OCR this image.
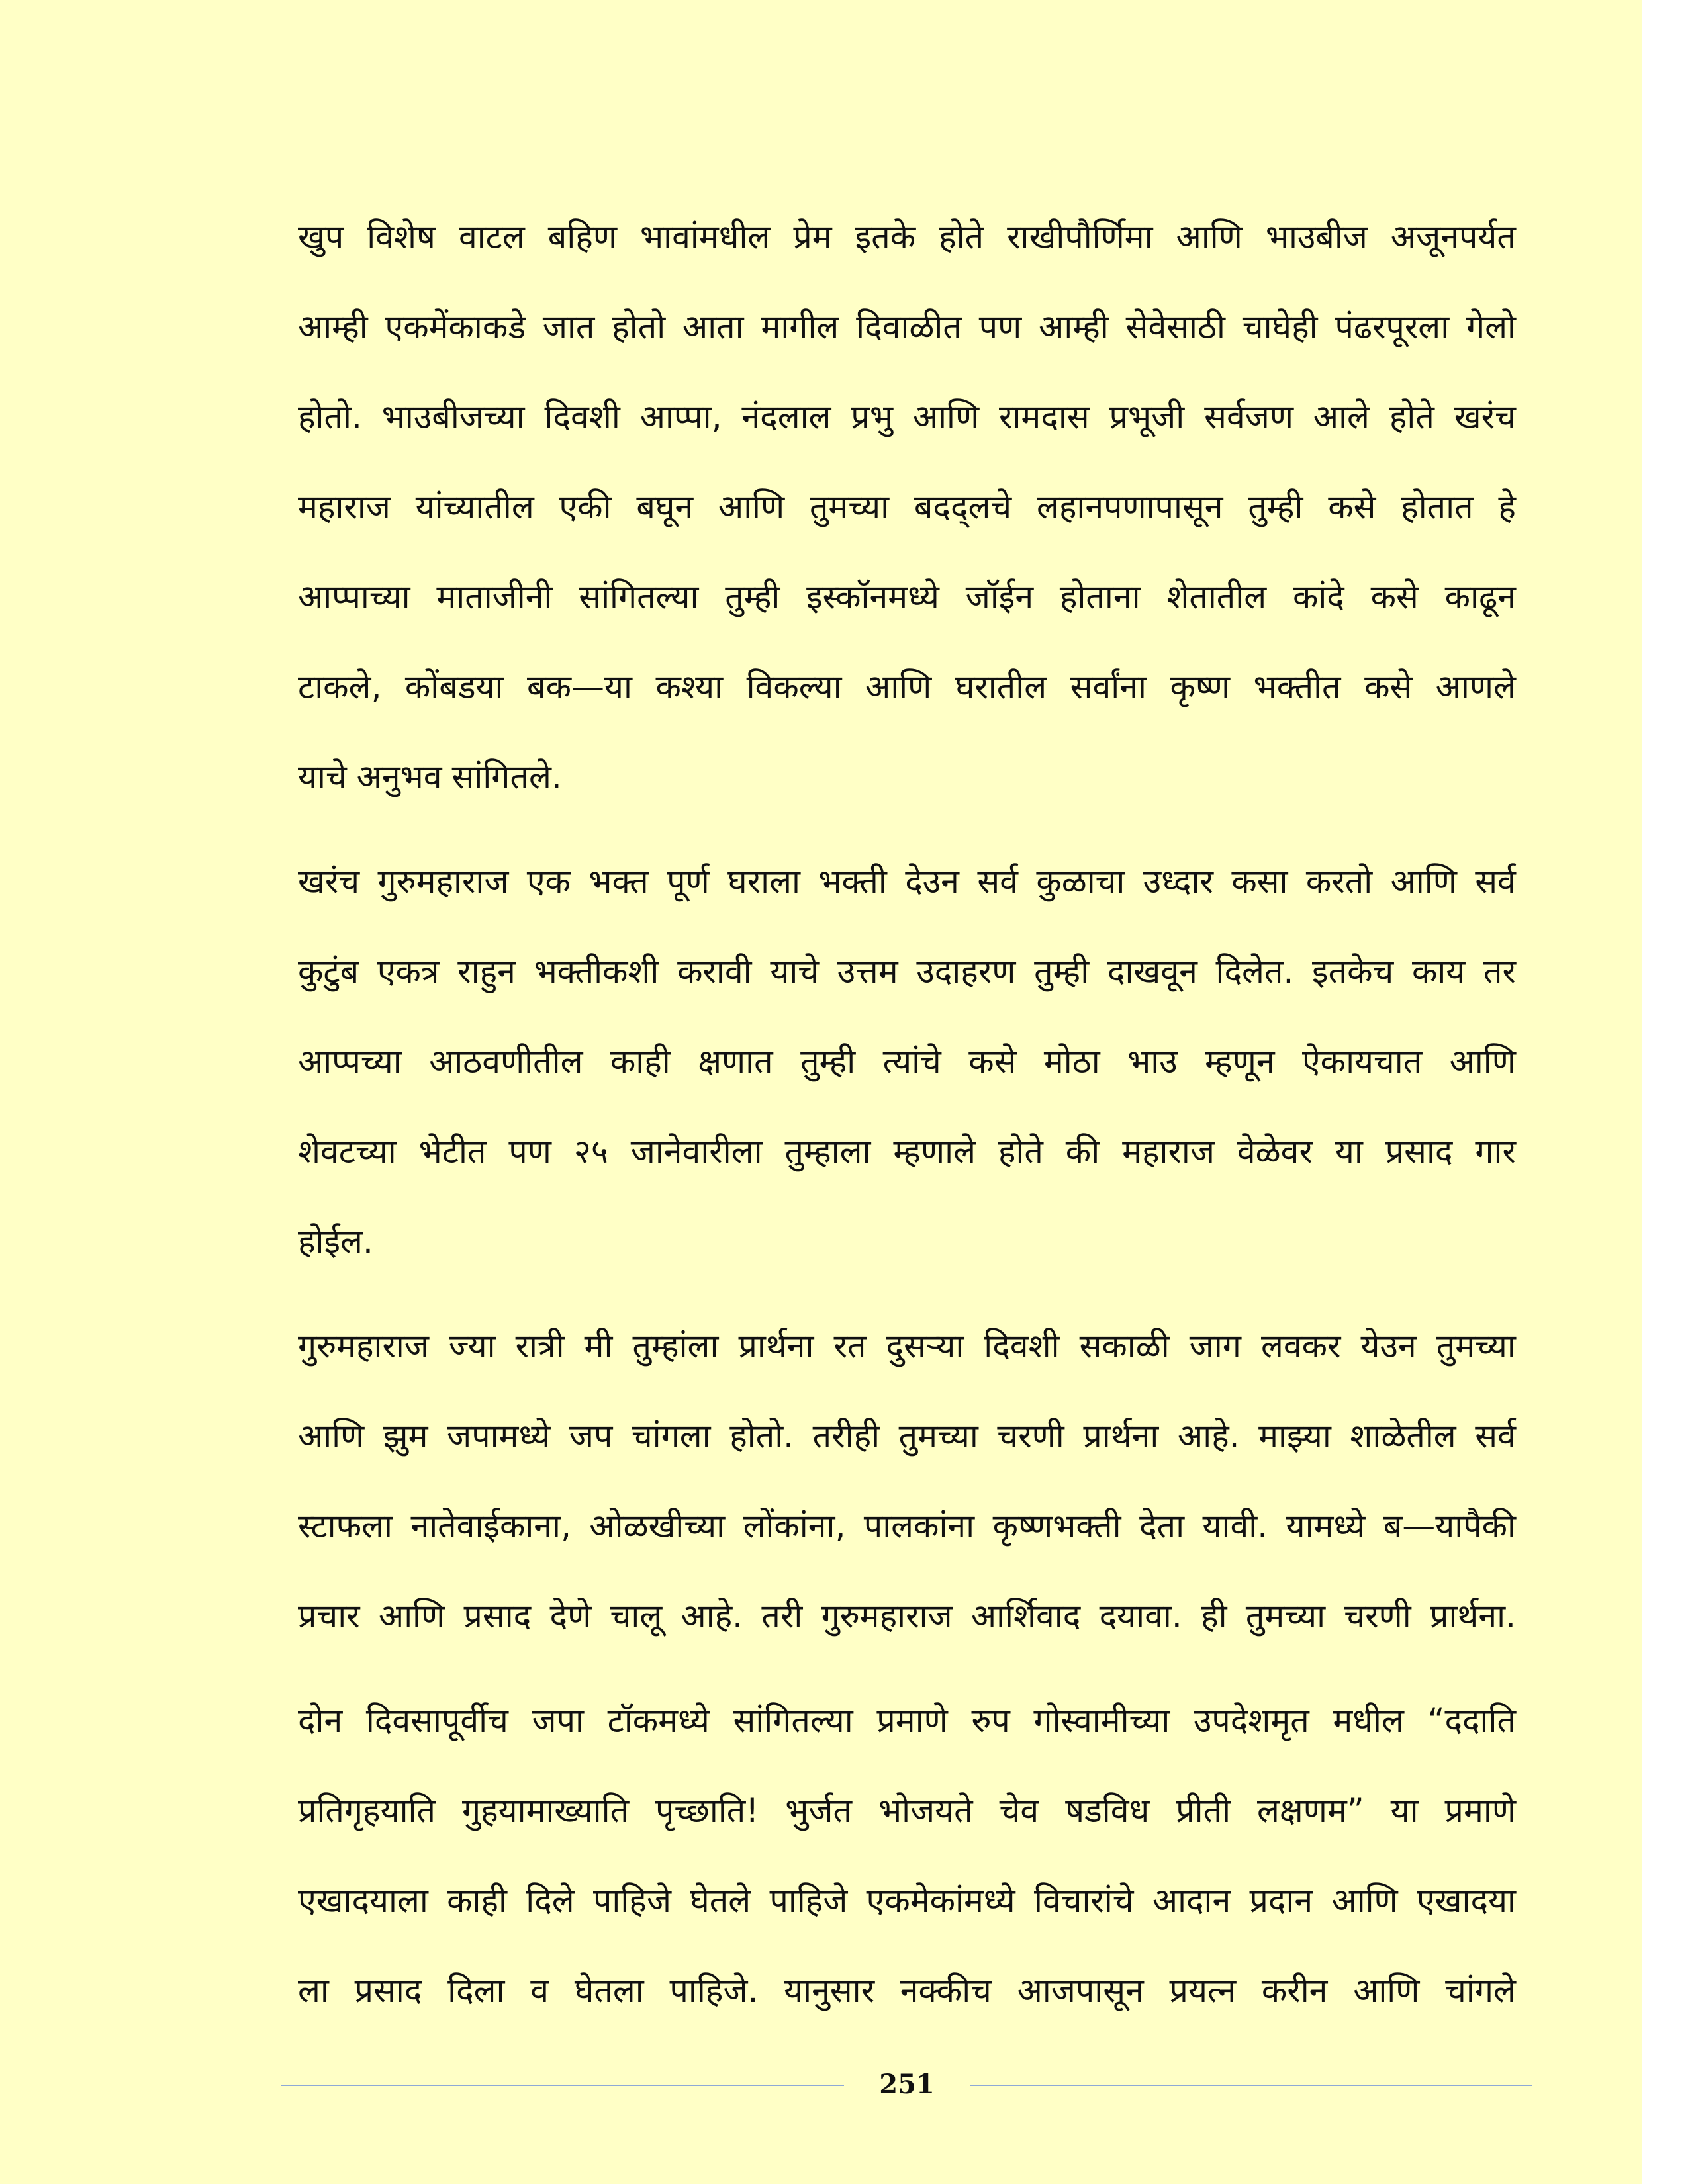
खुप विशेष वाटल बहिण भावांमधील प्रेम इतके होते राखीपौर्णिमा आणि भाउबीज अजूनपर्यत
आम्ही एकमेंकाकडे जात होतो आता मागील दिवाळीत पण आम्ही सेवेसाठी चाघेही पंढरपूरला गेलो
होतो. भाउबीजच्या दिवशी आप्पा, नंदलाल प्रभु आणि रामदास प्रभूजी सर्वजण आले होते खरंच
महाराज यांच्यातील एकी बघून आणि तुमच्या बदद्लचे लहानपणापासून तुम्ही कसे होतात हे
आप्पाच्या माताजीनी सांगितल्या तुम्ही इस्कॉनमध्ये जॉईन होताना शेतातील कांदे कसे काढून
टाकले, कोंबडया बक—या कश्या विकल्या आणि घरातील सर्वांना कृष्ण भक्तीत कसे आणले
याचे अनुभव सांगितले.
खरंच गुरुमहाराज एक भक्त पूर्ण घराला भक्ती देउन सर्व कुळाचा उध्दार कसा करतो आणि सर्व
कुटुंब एकत्र राहुन भक्तीकशी करावी याचे उत्तम उदाहरण तुम्ही दाखवून दिलेत. इतकेच काय तर
आप्पच्या आठवणीतील काही क्षणात तुम्ही त्यांचे कसे मोठा भाउ म्हणून ऐकायचात आणि
शेवटच्या भेटीत पण २५ जानेवारीला तुम्हाला म्हणाले होते की महाराज वेळेवर या प्रसाद गार
होईल.
गुरुमहाराज ज्या रात्री मी तुम्हांला प्रार्थना रत दुसऱ्या दिवशी सकाळी जाग लवकर येउन तुमच्या
आणि झुम जपामध्ये जप चांगला होतो. तरीही तुमच्या चरणी प्रार्थना आहे. माझ्या शाळेतील सर्व
स्टाफला नातेवाईकाना, ओळखीच्या लोंकांना, पालकांना कृष्णभक्ती देता यावी. यामध्ये ब—यापैकी
प्रचार आणि प्रसाद देणे चालू आहे. तरी गुरुमहाराज आर्शिवाद दयावा. ही तुमच्या चरणी प्रार्थना.
दोन दिवसापूर्वीच जपा टॉकमध्ये सांगितल्या प्रमाणे रुप गोस्वामीच्या उपदेशमृत मधील “ददाति
प्रतिगृहयाति गुहयामाख्याति पृच्छाति! भुर्जत भोजयते चेव षडविध प्रीती लक्षणम” या प्रमाणे
एखादयाला काही दिले पाहिजे घेतले पाहिजे एकमेकांमध्ये विचारांचे आदान प्रदान आणि एखादया
ला प्रसाद दिला व घेतला पाहिजे. यानुसार नक्कीच आजपासून प्रयत्न करीन आणि चांगले
251
